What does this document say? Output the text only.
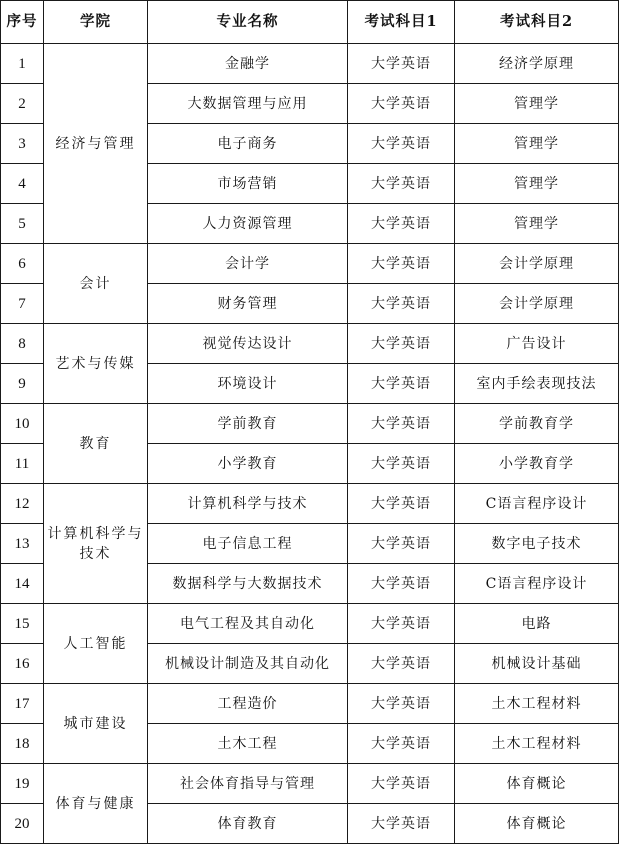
序号	学院	专业名称	考试科目1	考试科目2
1	经济与管理	金融学	大学英语	经济学原理
2		大数据管理与应用	大学英语	管理学
3		电子商务	大学英语	管理学
4		市场营销	大学英语	管理学
5		人力资源管理	大学英语	管理学
6	会计	会计学	大学英语	会计学原理
7		财务管理	大学英语	会计学原理
8	艺术与传媒	视觉传达设计	大学英语	广告设计
9		环境设计	大学英语	室内手绘表现技法
10	教育	学前教育	大学英语	学前教育学
11		小学教育	大学英语	小学教育学
12	计算机科学与技术	计算机科学与技术	大学英语	C语言程序设计
13		电子信息工程	大学英语	数字电子技术
14		数据科学与大数据技术	大学英语	C语言程序设计
15	人工智能	电气工程及其自动化	大学英语	电路
16		机械设计制造及其自动化	大学英语	机械设计基础
17	城市建设	工程造价	大学英语	土木工程材料
18		土木工程	大学英语	土木工程材料
19	体育与健康	社会体育指导与管理	大学英语	体育概论
20		体育教育	大学英语	体育概论
